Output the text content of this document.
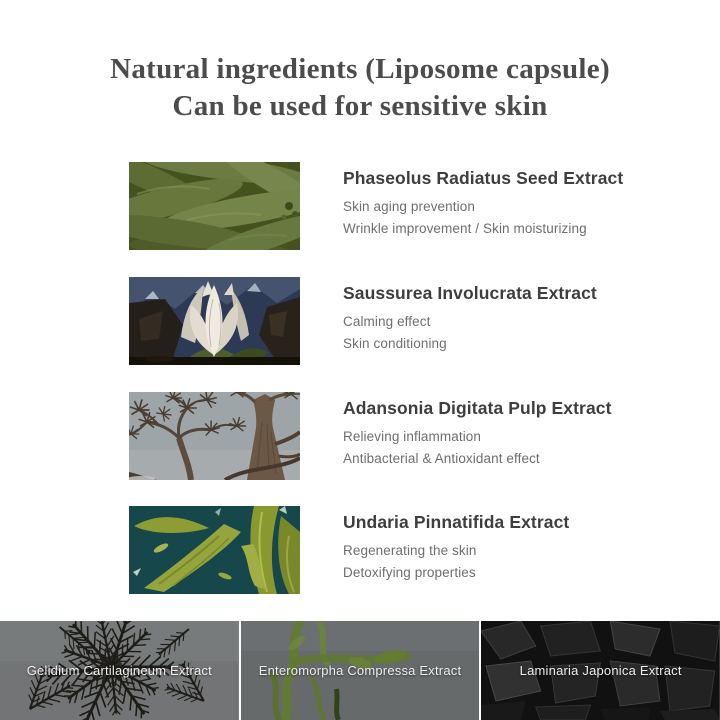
Natural ingredients (Liposome capsule)
Can be used for sensitive skin
Phaseolus Radiatus Seed Extract
Skin aging prevention
Wrinkle improvement / Skin moisturizing
Saussurea Involucrata Extract
Calming effect
Skin conditioning
Adansonia Digitata Pulp Extract
Relieving inflammation
Antibacterial & Antioxidant effect
Undaria Pinnatifida Extract
Regenerating the skin
Detoxifying properties
Gelidium Cartilagineum Extract	Enteromorpha Compressa Extract	Laminaria Japonica Extract
